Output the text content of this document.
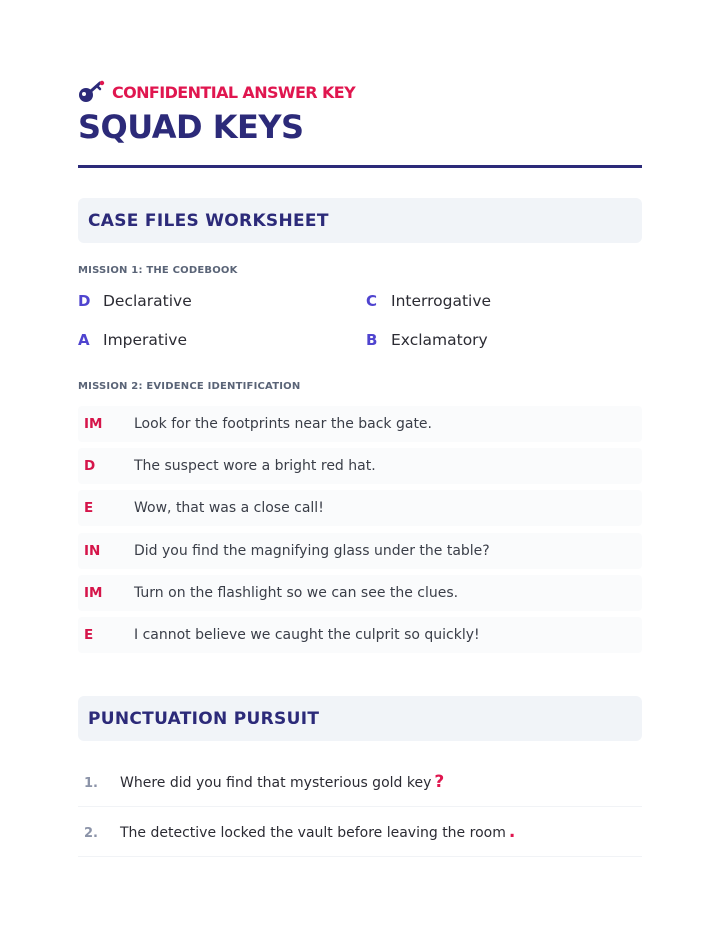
CONFIDENTIAL ANSWER KEY
SQUAD KEYS
CASE FILES WORKSHEET
MISSION 1: THE CODEBOOK
D Declarative	C Interrogative
A Imperative	B Exclamatory
MISSION 2: EVIDENCE IDENTIFICATION
IM	Look for the footprints near the back gate.
D	The suspect wore a bright red hat.
E	Wow, that was a close call!
IN	Did you find the magnifying glass under the table?
IM	Turn on the flashlight so we can see the clues.
E	I cannot believe we caught the culprit so quickly!
PUNCTUATION PURSUIT
1.	Where did you find that mysterious gold key ?
2.	The detective locked the vault before leaving the room .
